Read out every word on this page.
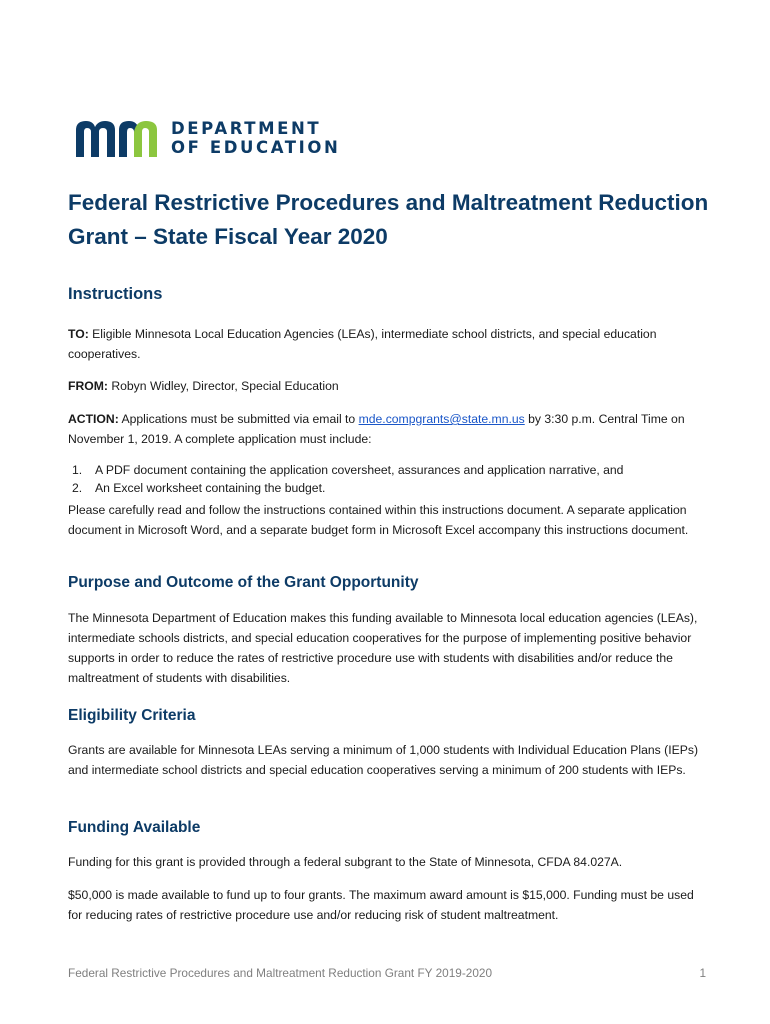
DEPARTMENT
OF EDUCATION
Federal Restrictive Procedures and Maltreatment Reduction
Grant – State Fiscal Year 2020
Instructions

TO: Eligible Minnesota Local Education Agencies (LEAs), intermediate school districts, and special education cooperatives.

FROM: Robyn Widley, Director, Special Education

ACTION: Applications must be submitted via email to mde.compgrants@state.mn.us by 3:30 p.m. Central Time on November 1, 2019. A complete application must include:

1.	A PDF document containing the application coversheet, assurances and application narrative, and
2.	An Excel worksheet containing the budget.

Please carefully read and follow the instructions contained within this instructions document. A separate application document in Microsoft Word, and a separate budget form in Microsoft Excel accompany this instructions document.

Purpose and Outcome of the Grant Opportunity

The Minnesota Department of Education makes this funding available to Minnesota local education agencies (LEAs), intermediate schools districts, and special education cooperatives for the purpose of implementing positive behavior supports in order to reduce the rates of restrictive procedure use with students with disabilities and/or reduce the maltreatment of students with disabilities.

Eligibility Criteria

Grants are available for Minnesota LEAs serving a minimum of 1,000 students with Individual Education Plans (IEPs) and intermediate school districts and special education cooperatives serving a minimum of 200 students with IEPs.

Funding Available

Funding for this grant is provided through a federal subgrant to the State of Minnesota, CFDA 84.027A.

$50,000 is made available to fund up to four grants. The maximum award amount is $15,000. Funding must be used for reducing rates of restrictive procedure use and/or reducing risk of student maltreatment.

Federal Restrictive Procedures and Maltreatment Reduction Grant FY 2019-2020	1
